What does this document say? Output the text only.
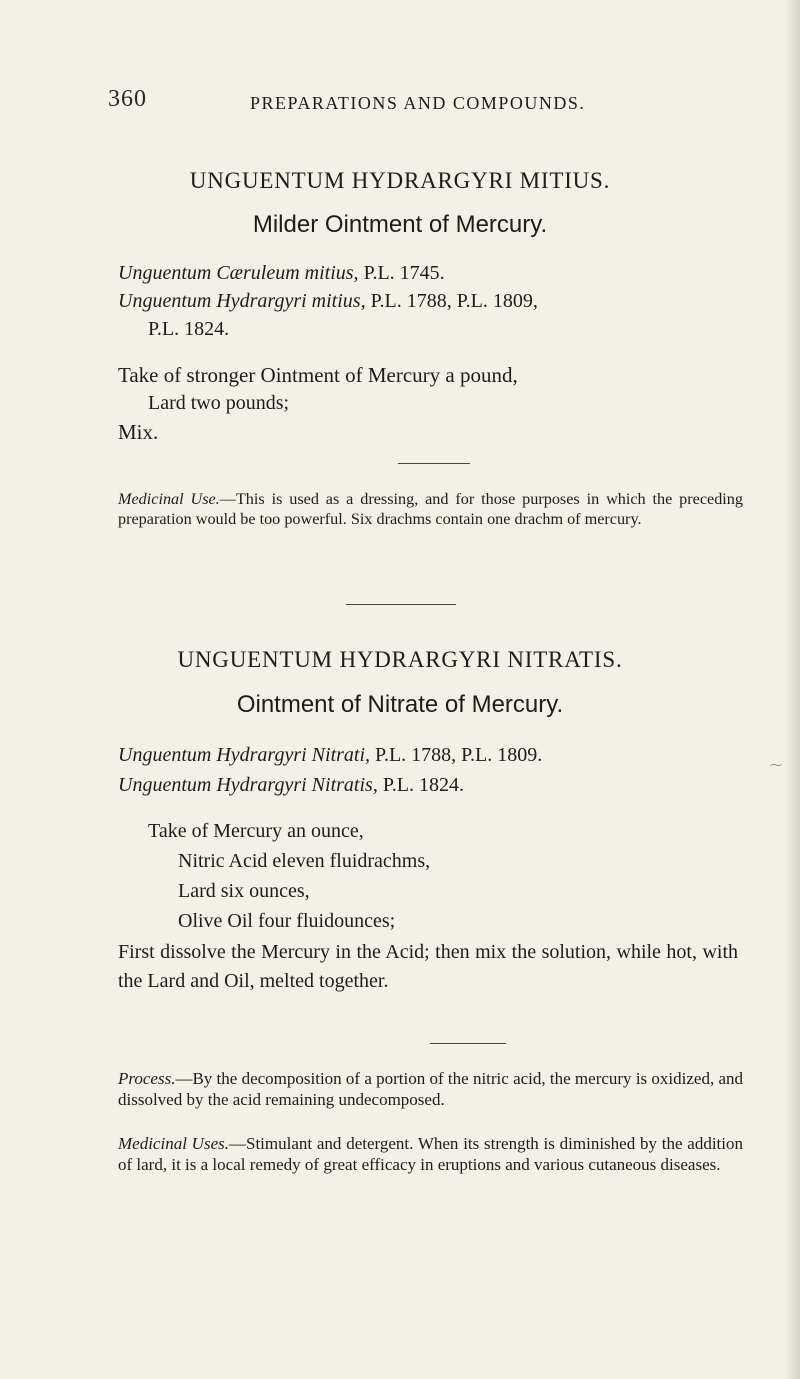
360	PREPARATIONS AND COMPOUNDS.
UNGUENTUM HYDRARGYRI MITIUS.
Milder Ointment of Mercury.
Unguentum Cæruleum mitius, P.L. 1745.
Unguentum Hydrargyri mitius, P.L. 1788, P.L. 1809,
P.L. 1824.
Take of stronger Ointment of Mercury a pound,
Lard two pounds;
Mix.
Medicinal Use.—This is used as a dressing, and for those purposes in which the preceding preparation would be too powerful. Six drachms contain one drachm of mercury.
UNGUENTUM HYDRARGYRI NITRATIS.
Ointment of Nitrate of Mercury.
Unguentum Hydrargyri Nitrati, P.L. 1788, P.L. 1809.
Unguentum Hydrargyri Nitratis, P.L. 1824.
Take of Mercury an ounce,
Nitric Acid eleven fluidrachms,
Lard six ounces,
Olive Oil four fluidounces;
First dissolve the Mercury in the Acid; then mix the solution, while hot, with the Lard and Oil, melted together.
Process.—By the decomposition of a portion of the nitric acid, the mercury is oxidized, and dissolved by the acid remaining undecomposed.
Medicinal Uses.—Stimulant and detergent. When its strength is diminished by the addition of lard, it is a local remedy of great efficacy in eruptions and various cutaneous diseases.
⁓
